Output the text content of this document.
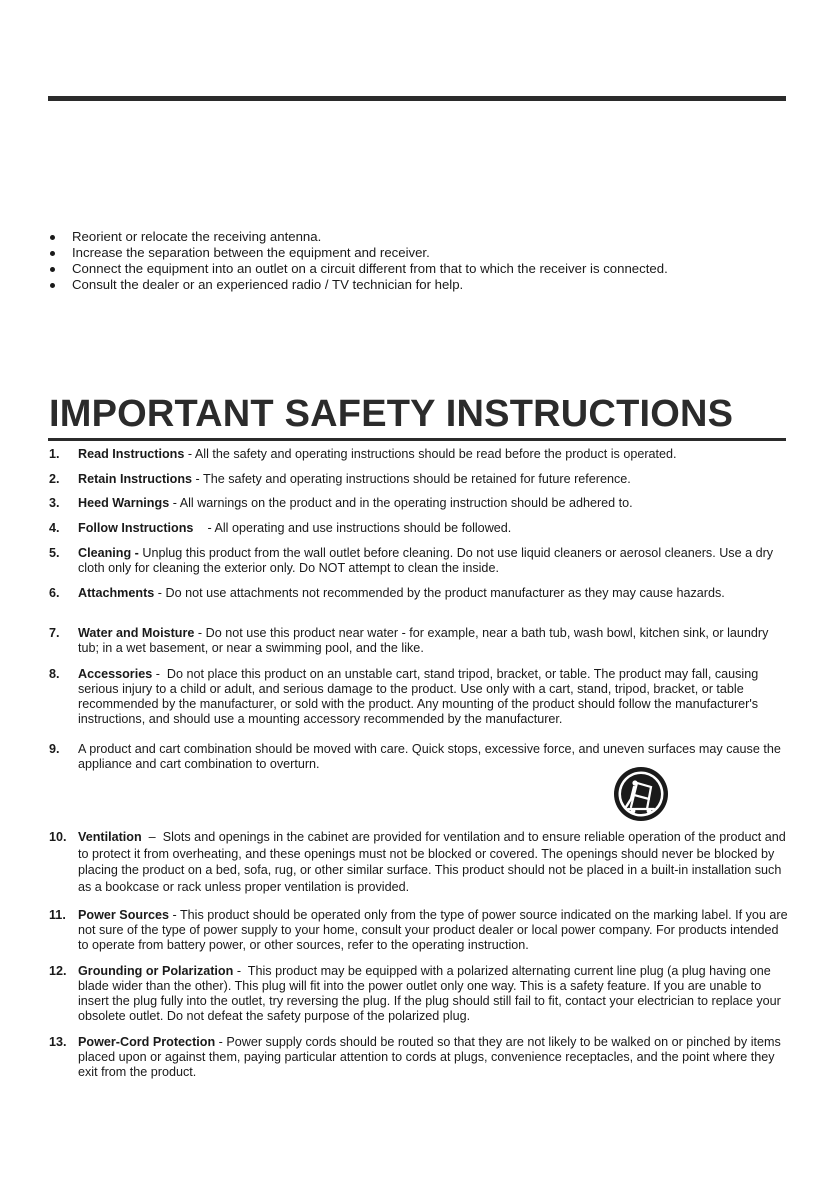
Reorient or relocate the receiving antenna.
Increase the separation between the equipment and receiver.
Connect the equipment into an outlet on a circuit different from that to which the receiver is connected.
Consult the dealer or an experienced radio / TV technician for help.
IMPORTANT SAFETY INSTRUCTIONS
1. Read Instructions - All the safety and operating instructions should be read before the product is operated.
2. Retain Instructions - The safety and operating instructions should be retained for future reference.
3. Heed Warnings - All warnings on the product and in the operating instruction should be adhered to.
4. Follow Instructions    - All operating and use instructions should be followed.
5. Cleaning - Unplug this product from the wall outlet before cleaning. Do not use liquid cleaners or aerosol cleaners. Use a dry cloth only for cleaning the exterior only. Do NOT attempt to clean the inside.
6. Attachments - Do not use attachments not recommended by the product manufacturer as they may cause hazards.
7. Water and Moisture - Do not use this product near water - for example, near a bath tub, wash bowl, kitchen sink, or laundry tub; in a wet basement, or near a swimming pool, and the like.
8. Accessories -  Do not place this product on an unstable cart, stand tripod, bracket, or table. The product may fall, causing serious injury to a child or adult, and serious damage to the product. Use only with a cart, stand, tripod, bracket, or table recommended by the manufacturer, or sold with the product. Any mounting of the product should follow the manufacturer's instructions, and should use a mounting accessory recommended by the manufacturer.
9. A product and cart combination should be moved with care. Quick stops, excessive force, and uneven surfaces may cause the appliance and cart combination to overturn.
10. Ventilation  –  Slots and openings in the cabinet are provided for ventilation and to ensure reliable operation of the product and to protect it from overheating, and these openings must not be blocked or covered. The openings should never be blocked by placing the product on a bed, sofa, rug, or other similar surface. This product should not be placed in a built-in installation such as a bookcase or rack unless proper ventilation is provided.
11. Power Sources - This product should be operated only from the type of power source indicated on the marking label. If you are not sure of the type of power supply to your home, consult your product dealer or local power company. For products intended to operate from battery power, or other sources, refer to the operating instruction.
12. Grounding or Polarization -  This product may be equipped with a polarized alternating current line plug (a plug having one blade wider than the other). This plug will fit into the power outlet only one way. This is a safety feature. If you are unable to insert the plug fully into the outlet, try reversing the plug. If the plug should still fail to fit, contact your electrician to replace your obsolete outlet. Do not defeat the safety purpose of the polarized plug.
13. Power-Cord Protection - Power supply cords should be routed so that they are not likely to be walked on or pinched by items placed upon or against them, paying particular attention to cords at plugs, convenience receptacles, and the point where they exit from the product.
